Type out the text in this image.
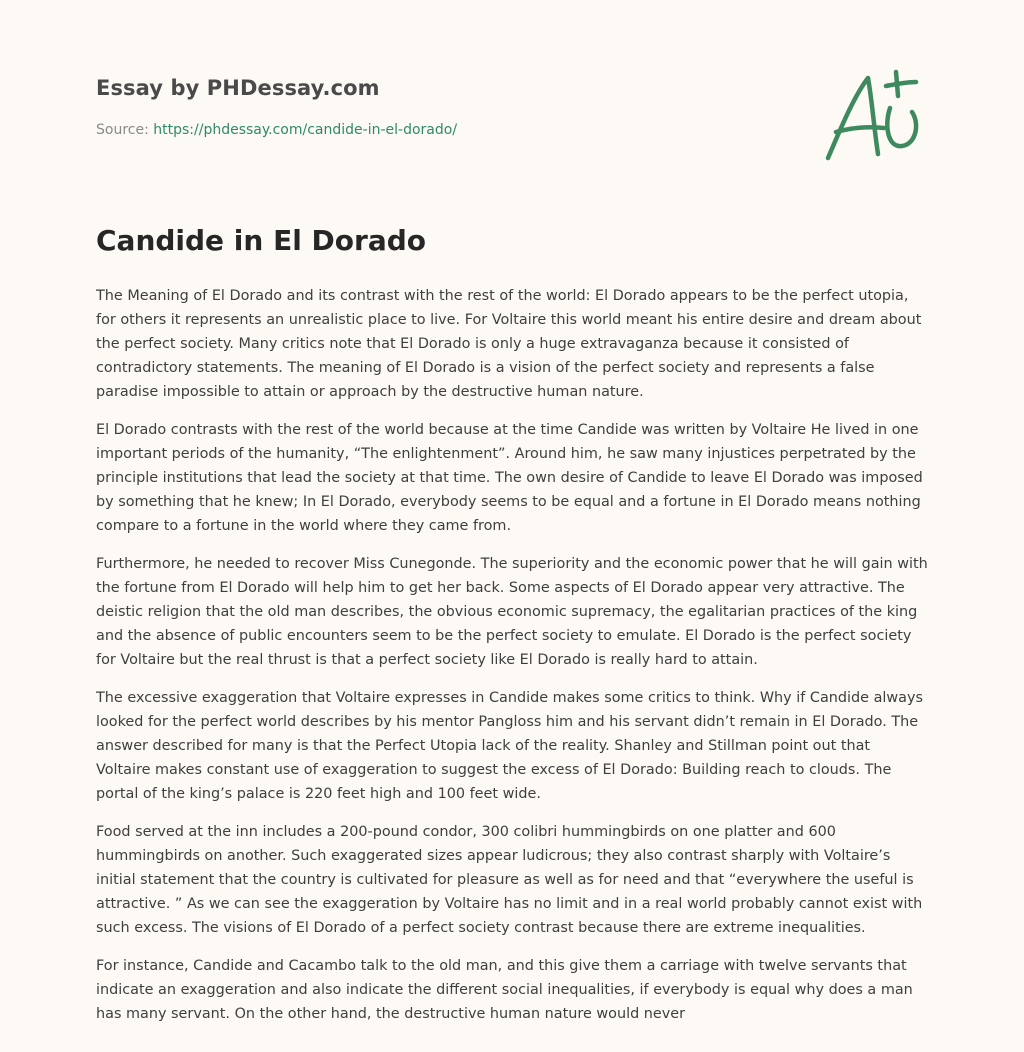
Essay by PHDessay.com
Source: https://phdessay.com/candide-in-el-dorado/
Candide in El Dorado

The Meaning of El Dorado and its contrast with the rest of the world: El Dorado appears to be the perfect utopia, for others it represents an unrealistic place to live. For Voltaire this world meant his entire desire and dream about the perfect society. Many critics note that El Dorado is only a huge extravaganza because it consisted of contradictory statements. The meaning of El Dorado is a vision of the perfect society and represents a false paradise impossible to attain or approach by the destructive human nature.

El Dorado contrasts with the rest of the world because at the time Candide was written by Voltaire He lived in one important periods of the humanity, “The enlightenment”. Around him, he saw many injustices perpetrated by the principle institutions that lead the society at that time. The own desire of Candide to leave El Dorado was imposed by something that he knew; In El Dorado, everybody seems to be equal and a fortune in El Dorado means nothing compare to a fortune in the world where they came from.

Furthermore, he needed to recover Miss Cunegonde. The superiority and the economic power that he will gain with the fortune from El Dorado will help him to get her back. Some aspects of El Dorado appear very attractive. The deistic religion that the old man describes, the obvious economic supremacy, the egalitarian practices of the king and the absence of public encounters seem to be the perfect society to emulate. El Dorado is the perfect society for Voltaire but the real thrust is that a perfect society like El Dorado is really hard to attain.

The excessive exaggeration that Voltaire expresses in Candide makes some critics to think. Why if Candide always looked for the perfect world describes by his mentor Pangloss him and his servant didn’t remain in El Dorado. The answer described for many is that the Perfect Utopia lack of the reality. Shanley and Stillman point out that Voltaire makes constant use of exaggeration to suggest the excess of El Dorado: Building reach to clouds. The portal of the king’s palace is 220 feet high and 100 feet wide.

Food served at the inn includes a 200-pound condor, 300 colibri hummingbirds on one platter and 600 hummingbirds on another. Such exaggerated sizes appear ludicrous; they also contrast sharply with Voltaire’s initial statement that the country is cultivated for pleasure as well as for need and that “everywhere the useful is attractive. ” As we can see the exaggeration by Voltaire has no limit and in a real world probably cannot exist with such excess. The visions of El Dorado of a perfect society contrast because there are extreme inequalities.

For instance, Candide and Cacambo talk to the old man, and this give them a carriage with twelve servants that indicate an exaggeration and also indicate the different social inequalities, if everybody is equal why does a man has many servant. On the other hand, the destructive human nature would never
